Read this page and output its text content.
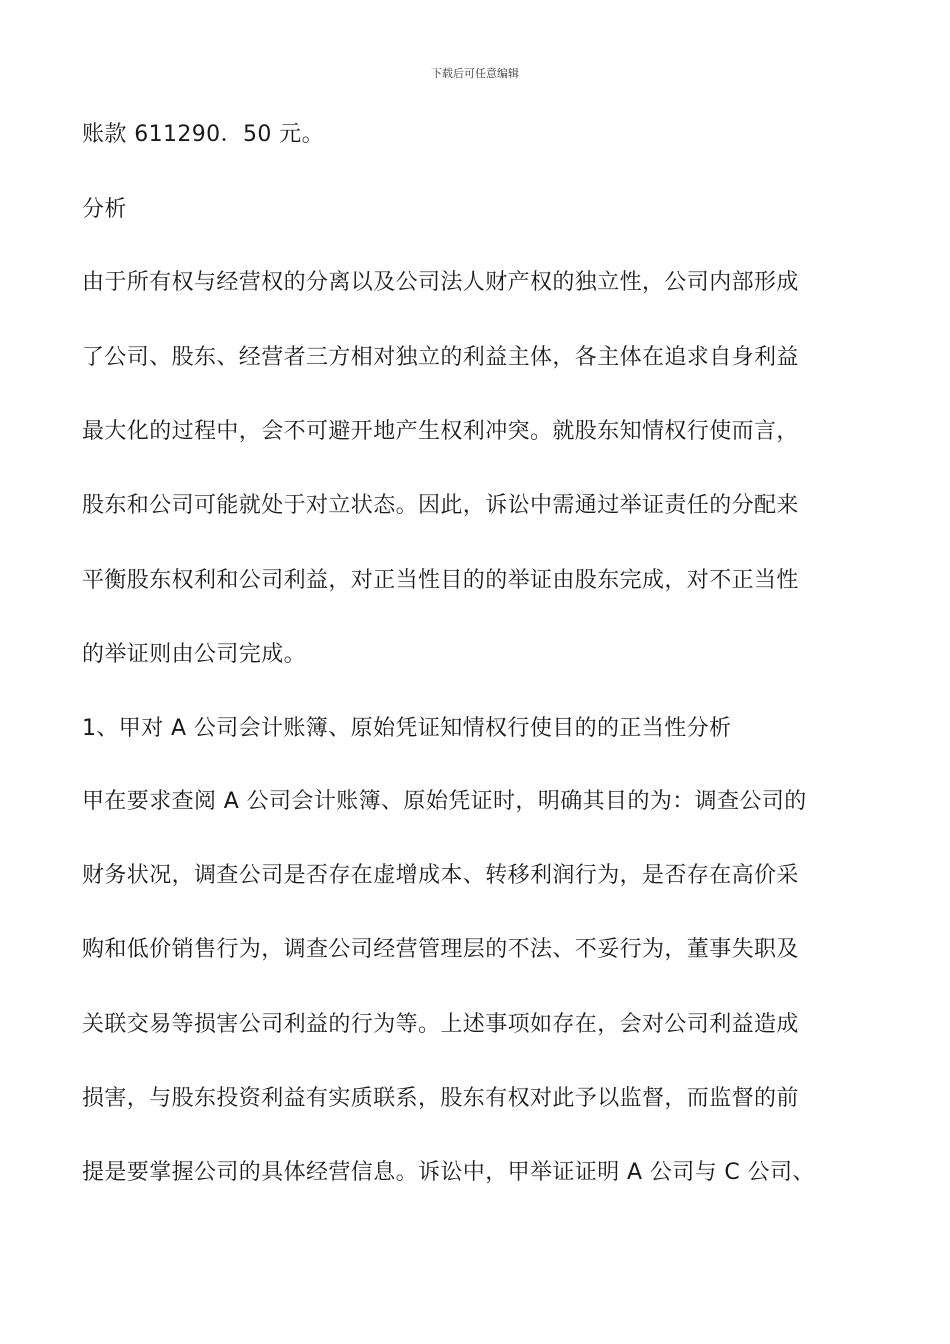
下载后可任意编辑
账款 611290．50 元。
分析
由于所有权与经营权的分离以及公司法人财产权的独立性，公司内部形成
了公司、股东、经营者三方相对独立的利益主体，各主体在追求自身利益
最大化的过程中，会不可避开地产生权利冲突。就股东知情权行使而言，
股东和公司可能就处于对立状态。因此，诉讼中需通过举证责任的分配来
平衡股东权利和公司利益，对正当性目的的举证由股东完成，对不正当性
的举证则由公司完成。
1、甲对 A 公司会计账簿、原始凭证知情权行使目的的正当性分析
甲在要求查阅 A 公司会计账簿、原始凭证时，明确其目的为：调查公司的
财务状况，调查公司是否存在虚增成本、转移利润行为，是否存在高价采
购和低价销售行为，调查公司经营管理层的不法、不妥行为，董事失职及
关联交易等损害公司利益的行为等。上述事项如存在，会对公司利益造成
损害，与股东投资利益有实质联系，股东有权对此予以监督，而监督的前
提是要掌握公司的具体经营信息。诉讼中，甲举证证明 A 公司与 C 公司、
